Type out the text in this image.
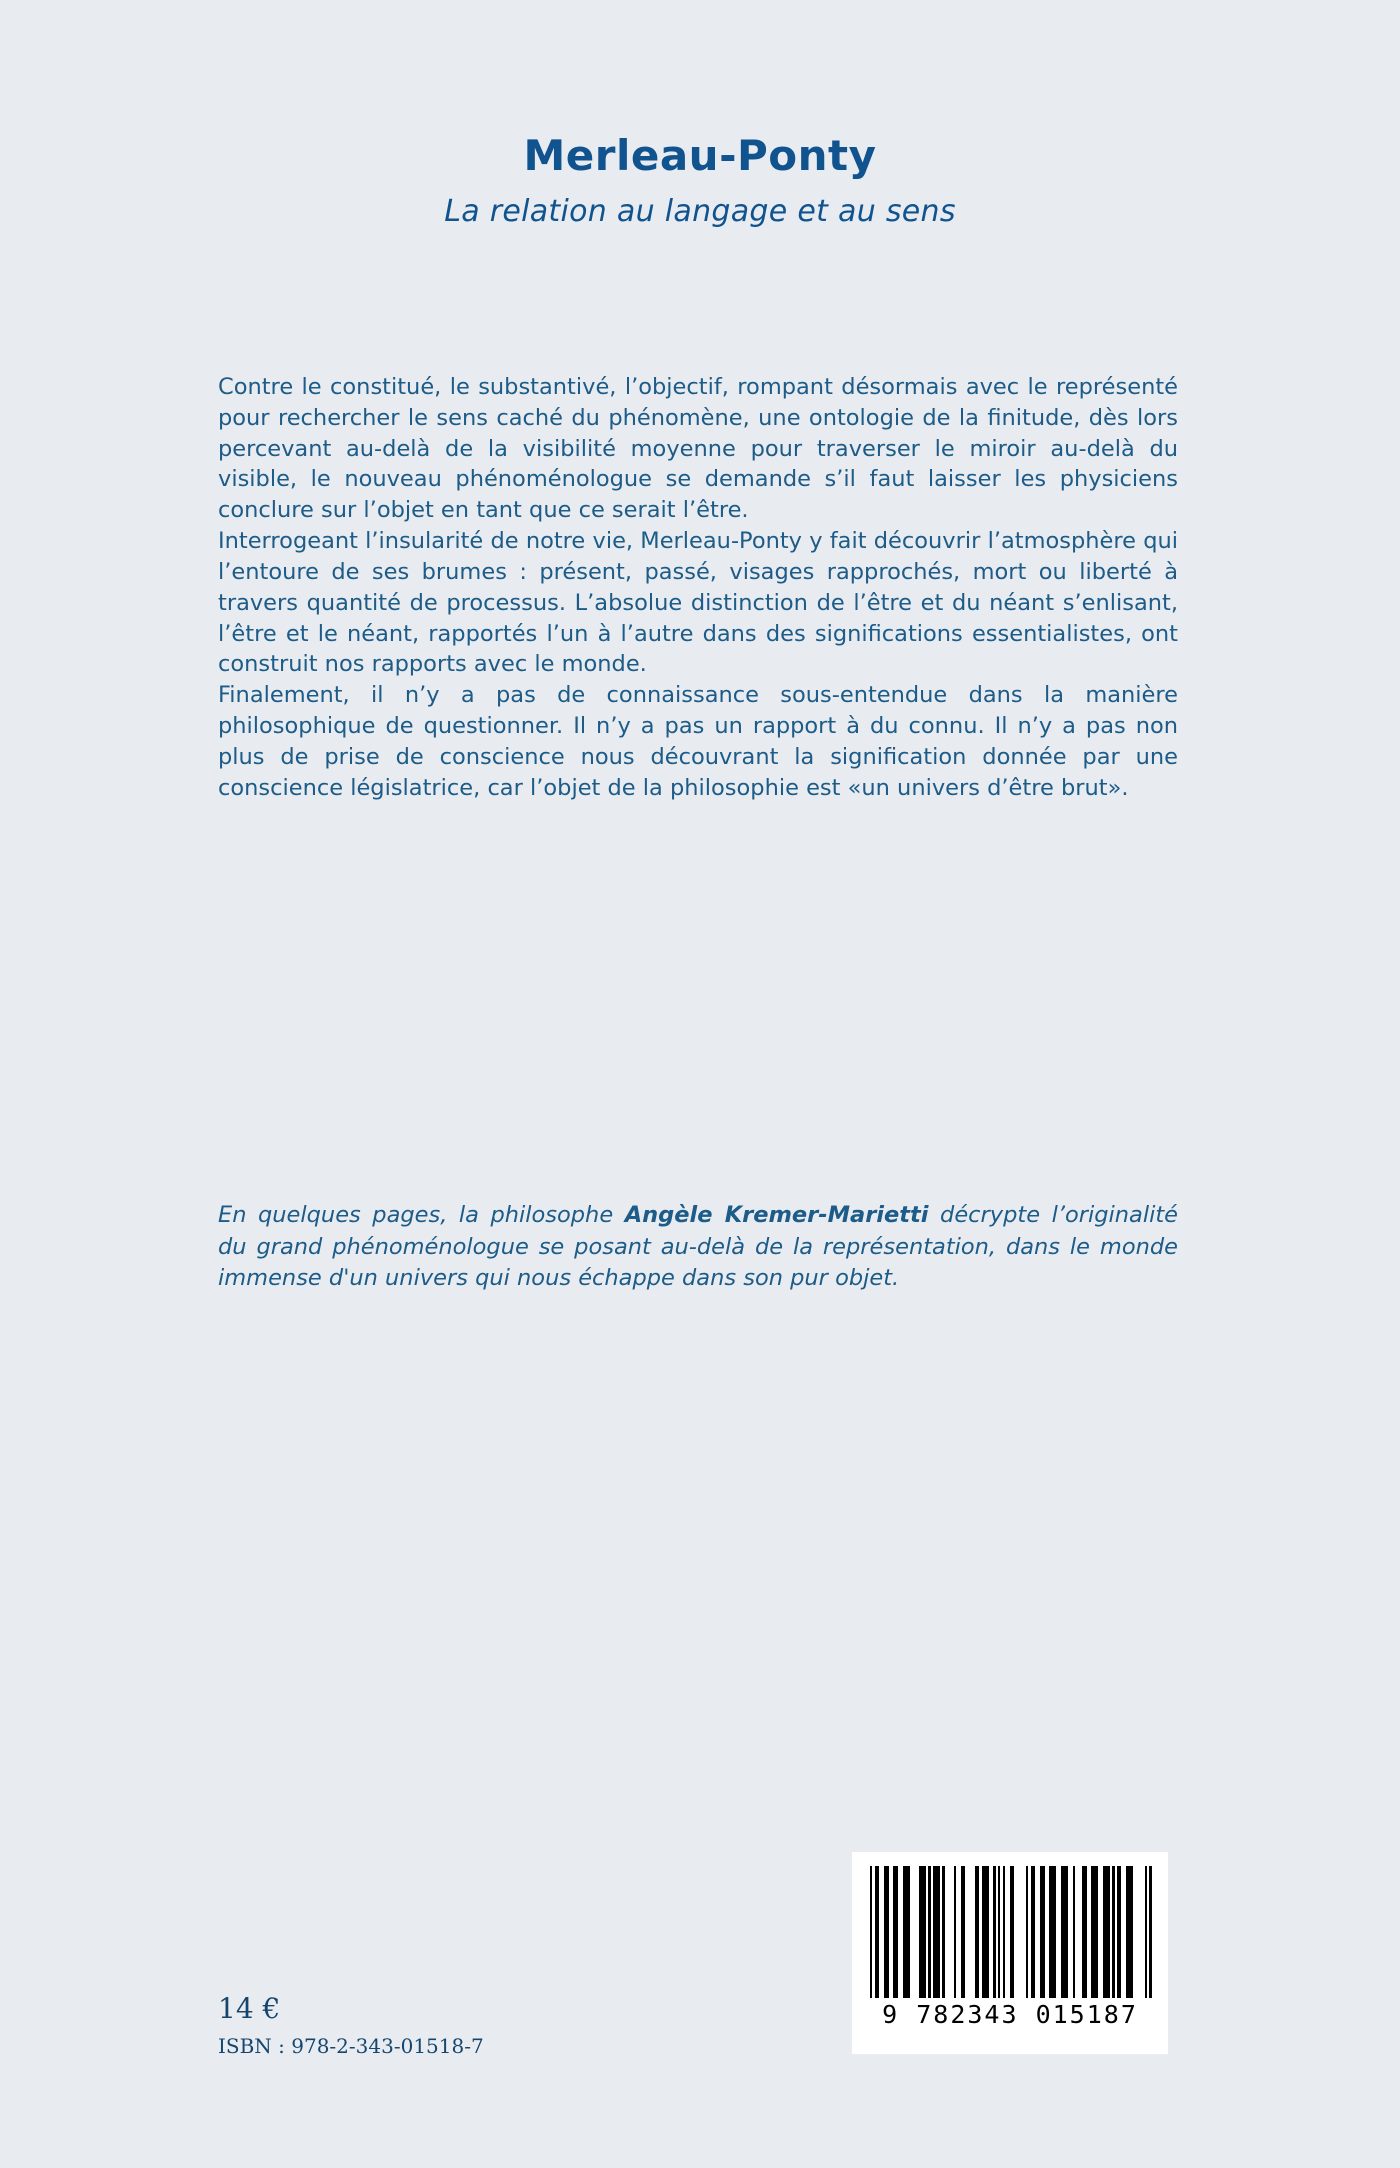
Merleau-Ponty
La relation au langage et au sens

Contre le constitué, le substantivé, l’objectif, rompant désormais avec le représenté pour rechercher le sens caché du phénomène, une ontologie de la finitude, dès lors percevant au-delà de la visibilité moyenne pour traverser le miroir au-delà du visible, le nouveau phénoménologue se demande s’il faut laisser les physiciens conclure sur l’objet en tant que ce serait l’être.

Interrogeant l’insularité de notre vie, Merleau-Ponty y fait découvrir l’atmosphère qui l’entoure de ses brumes : présent, passé, visages rapprochés, mort ou liberté à travers quantité de processus. L’absolue distinction de l’être et du néant s’enlisant, l’être et le néant, rapportés l’un à l’autre dans des significations essentialistes, ont construit nos rapports avec le monde.

Finalement, il n’y a pas de connaissance sous-entendue dans la manière philosophique de questionner. Il n’y a pas un rapport à du connu. Il n’y a pas non plus de prise de conscience nous découvrant la signification donnée par une conscience législatrice, car l’objet de la philosophie est «un univers d’être brut».

En quelques pages, la philosophe Angèle Kremer-Marietti décrypte l’originalité du grand phénoménologue se posant au-delà de la représentation, dans le monde immense d'un univers qui nous échappe dans son pur objet.

14 €
ISBN : 978-2-343-01518-7
9 782343 015187
